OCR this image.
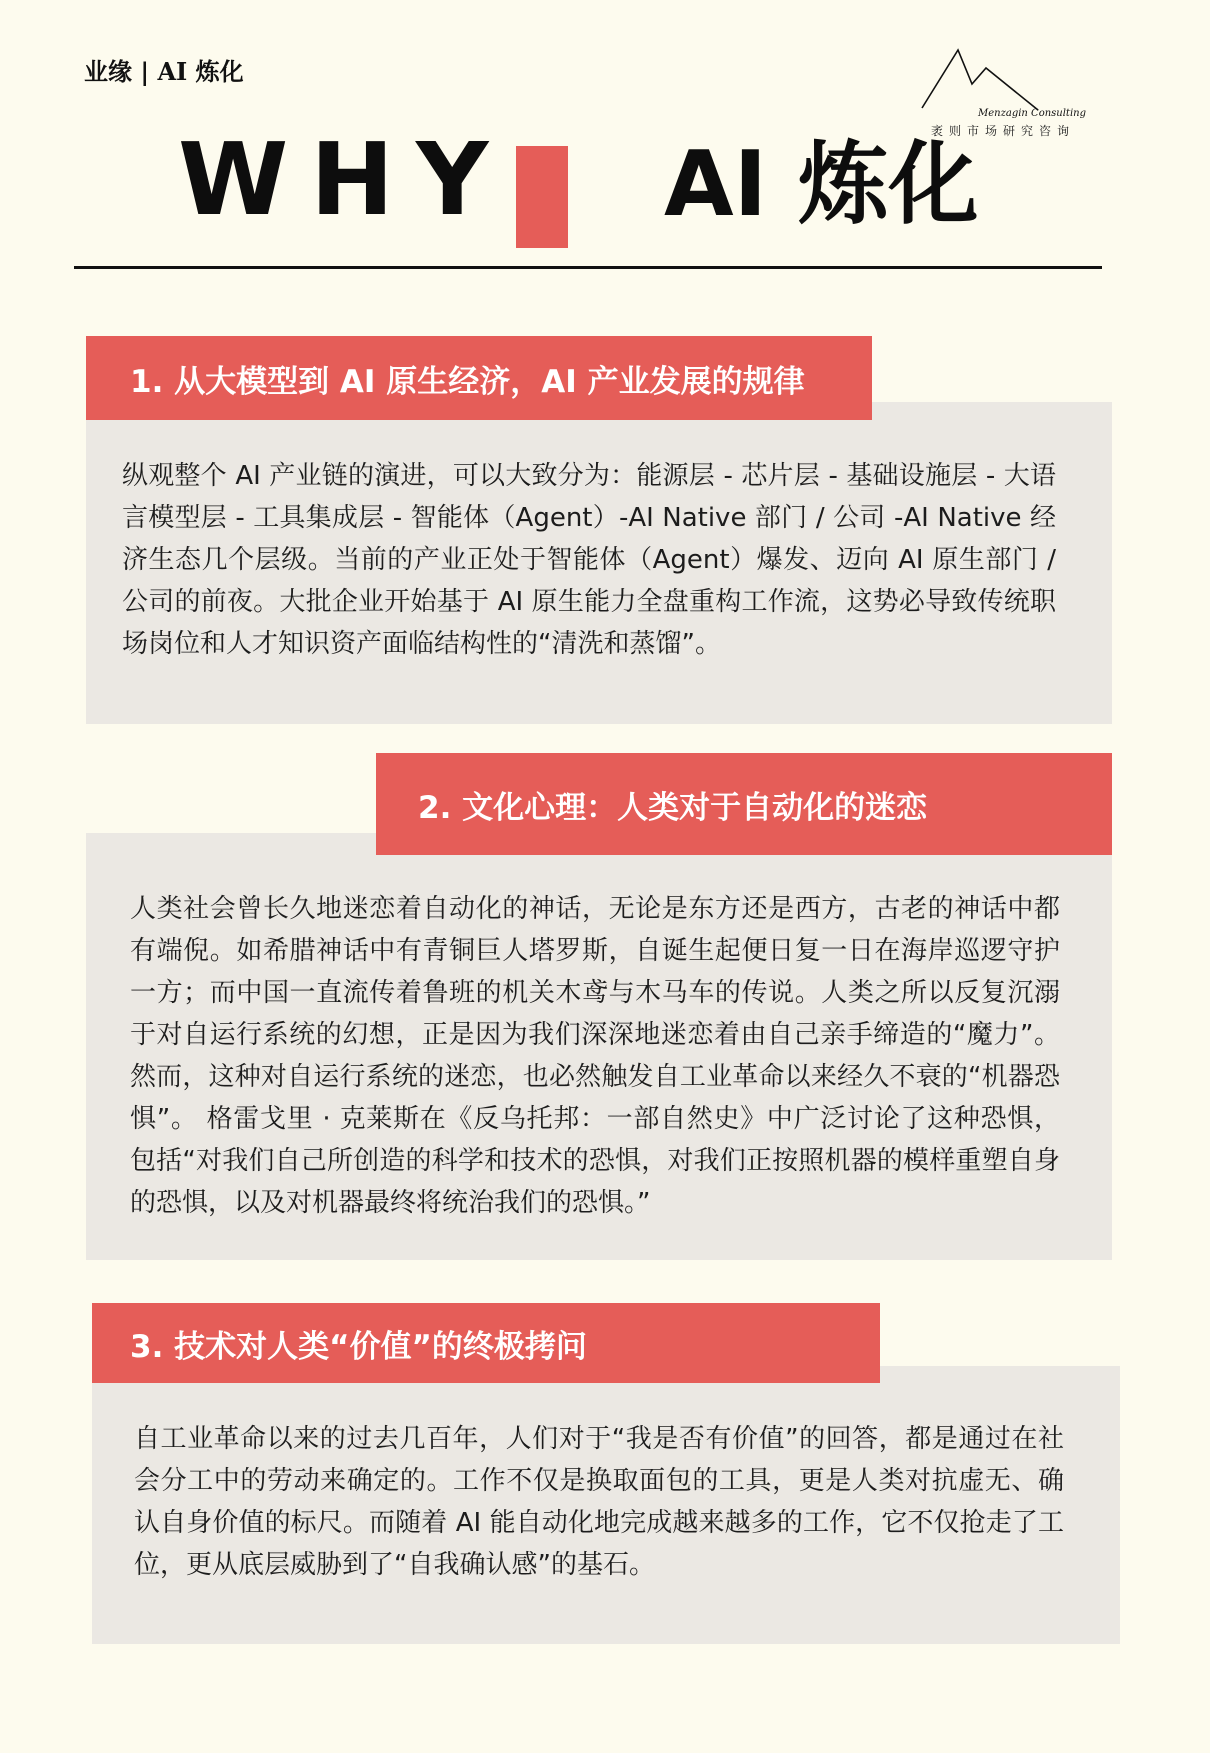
业缘 | AI 炼化
Menzagin Consulting
袤则市场研究咨询
WHY AI 炼化
1. 从大模型到 AI 原生经济，AI 产业发展的规律

纵观整个 AI 产业链的演进，可以大致分为：能源层 - 芯片层 - 基础设施层 - 大语言模型层 - 工具集成层 - 智能体（Agent）-AI Native 部门 / 公司 -AI Native 经济生态几个层级。当前的产业正处于智能体（Agent）爆发、迈向 AI 原生部门 / 公司的前夜。大批企业开始基于 AI 原生能力全盘重构工作流，这势必导致传统职场岗位和人才知识资产面临结构性的“清洗和蒸馏”。

2. 文化心理：人类对于自动化的迷恋

人类社会曾长久地迷恋着自动化的神话，无论是东方还是西方，古老的神话中都有端倪。如希腊神话中有青铜巨人塔罗斯，自诞生起便日复一日在海岸巡逻守护一方；而中国一直流传着鲁班的机关木鸢与木马车的传说。人类之所以反复沉溺于对自运行系统的幻想，正是因为我们深深地迷恋着由自己亲手缔造的“魔力”。然而，这种对自运行系统的迷恋，也必然触发自工业革命以来经久不衰的“机器恐惧”。 格雷戈里 · 克莱斯在《反乌托邦：一部自然史》中广泛讨论了这种恐惧，包括“对我们自己所创造的科学和技术的恐惧，对我们正按照机器的模样重塑自身的恐惧，以及对机器最终将统治我们的恐惧。”

3. 技术对人类“价值”的终极拷问

自工业革命以来的过去几百年，人们对于“我是否有价值”的回答，都是通过在社会分工中的劳动来确定的。工作不仅是换取面包的工具，更是人类对抗虚无、确认自身价值的标尺。而随着 AI 能自动化地完成越来越多的工作，它不仅抢走了工位，更从底层威胁到了“自我确认感”的基石。
